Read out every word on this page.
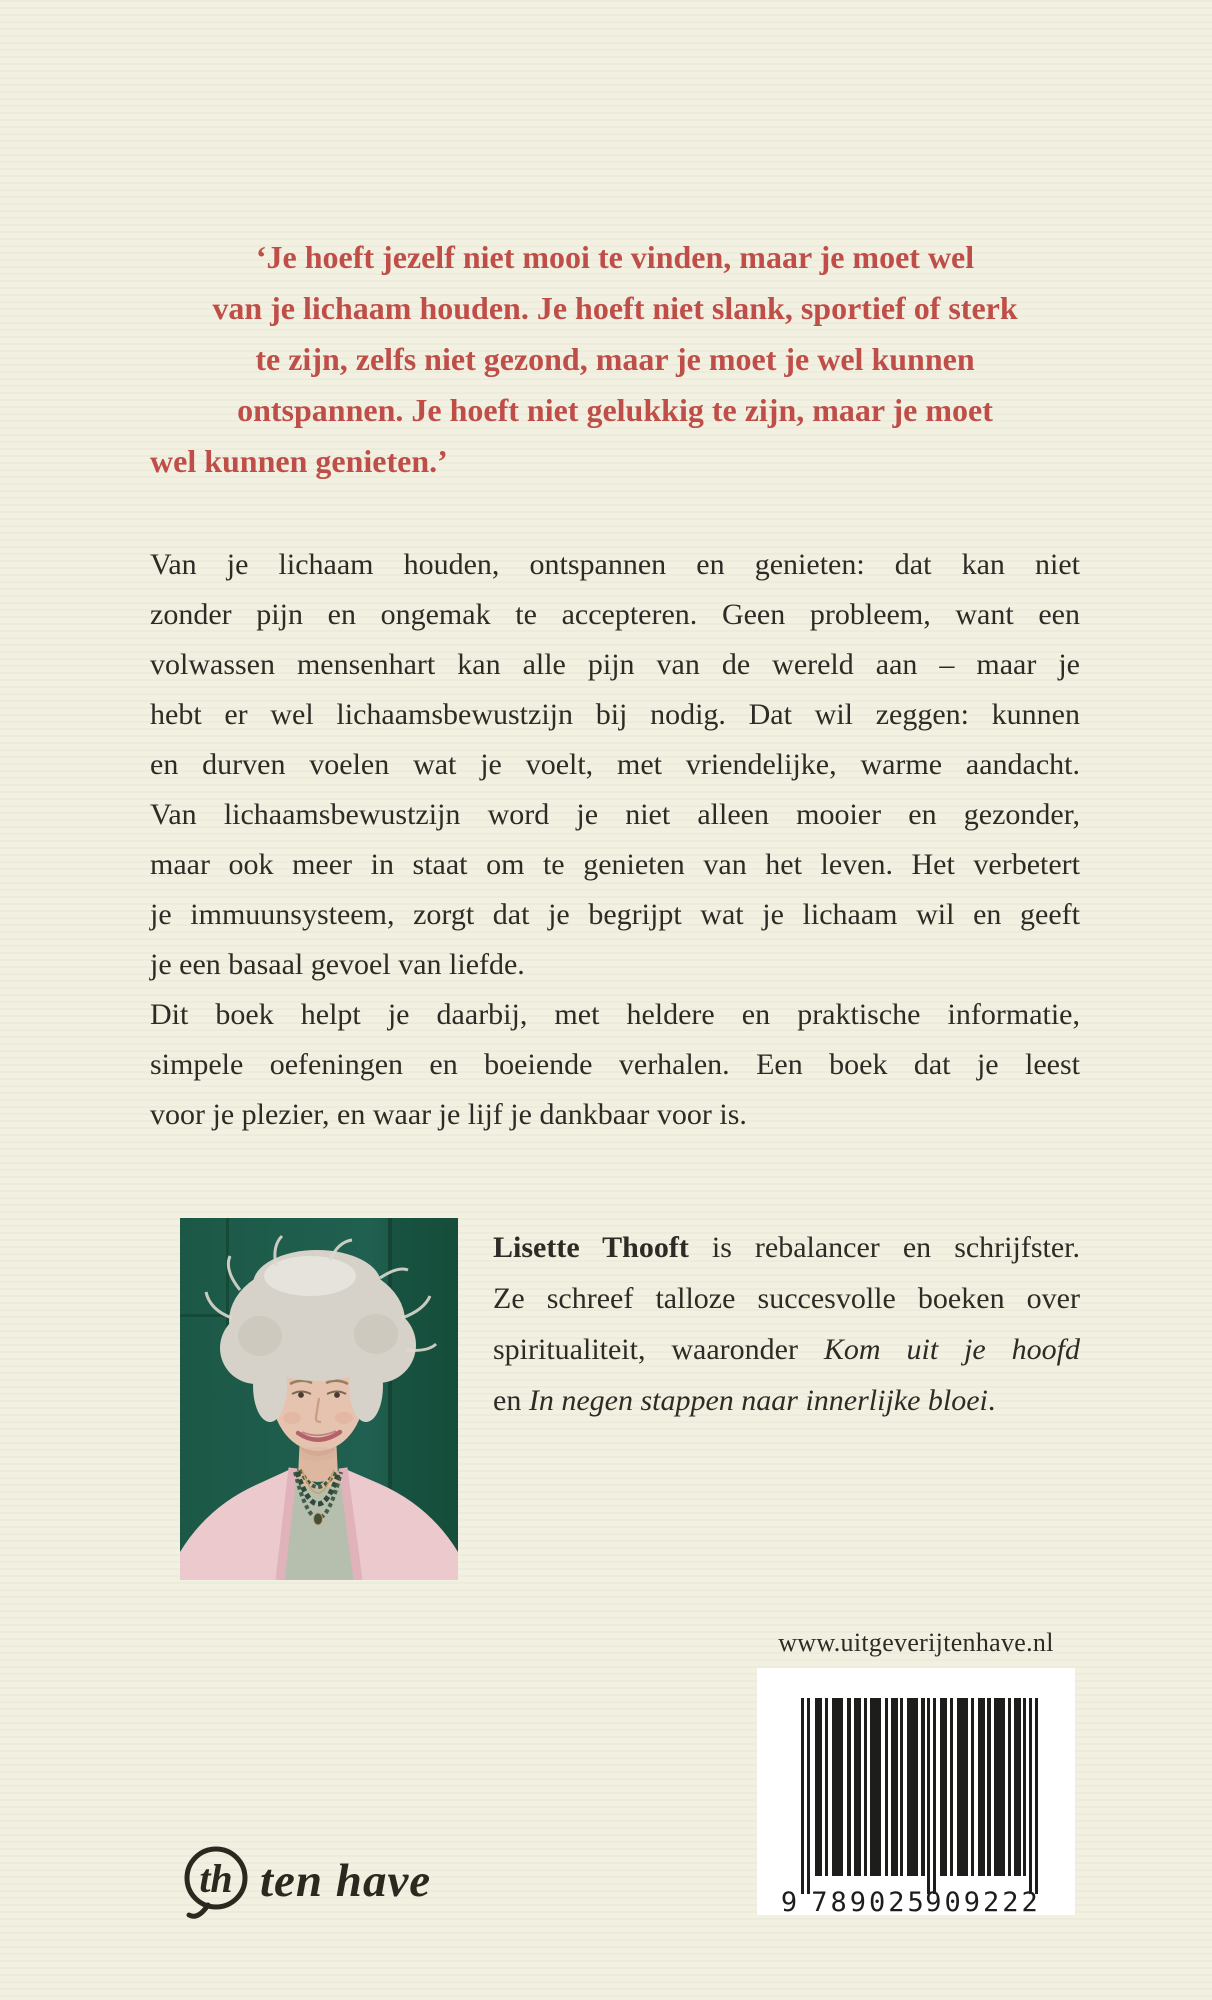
‘Je hoeft jezelf niet mooi te vinden, maar je moet wel
van je lichaam houden. Je hoeft niet slank, sportief of sterk
te zijn, zelfs niet gezond, maar je moet je wel kunnen
ontspannen. Je hoeft niet gelukkig te zijn, maar je moet
wel kunnen genieten.’
Van je lichaam houden, ontspannen en genieten: dat kan niet
zonder pijn en ongemak te accepteren. Geen probleem, want een
volwassen mensenhart kan alle pijn van de wereld aan – maar je
hebt er wel lichaamsbewustzijn bij nodig. Dat wil zeggen: kunnen
en durven voelen wat je voelt, met vriendelijke, warme aandacht.
Van lichaamsbewustzijn word je niet alleen mooier en gezonder,
maar ook meer in staat om te genieten van het leven. Het verbetert
je immuunsysteem, zorgt dat je begrijpt wat je lichaam wil en geeft
je een basaal gevoel van liefde.
Dit boek helpt je daarbij, met heldere en praktische informatie,
simpele oefeningen en boeiende verhalen. Een boek dat je leest
voor je plezier, en waar je lijf je dankbaar voor is.
Lisette Thooft is rebalancer en schrijfster.
Ze schreef talloze succesvolle boeken over
spiritualiteit, waaronder Kom uit je hoofd
en In negen stappen naar innerlijke bloei.
www.uitgeverijtenhave.nl
9 789025
909222
th ten have
